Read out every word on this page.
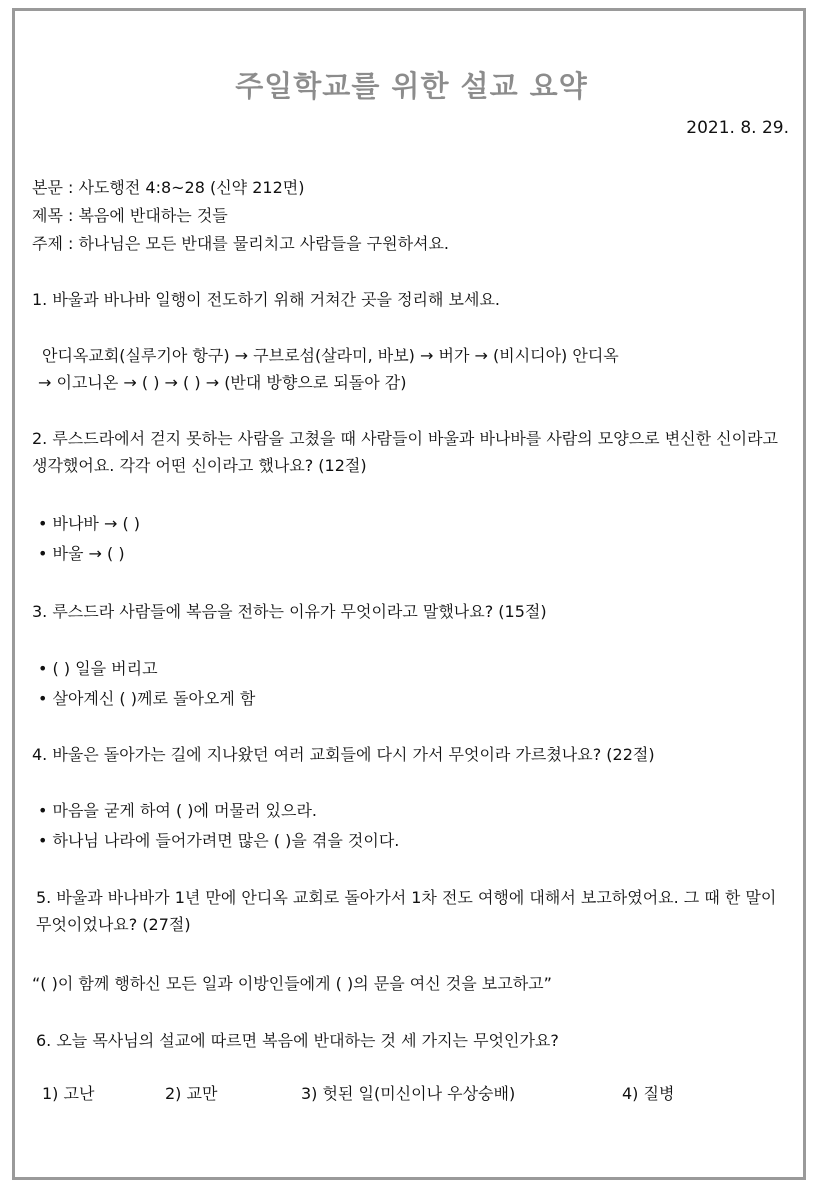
주일학교를 위한 설교 요약
2021. 8. 29.
본문 : 사도행전 4:8~28 (신약 212면)
제목 : 복음에 반대하는 것들
주제 : 하나님은 모든 반대를 물리치고 사람들을 구원하셔요.
1. 바울과 바나바 일행이 전도하기 위해 거쳐간 곳을 정리해 보세요.
안디옥교회(실루기아 항구) → 구브로섬(살라미, 바보) → 버가 → (비시디아) 안디옥
→ 이고니온 → ( ) → ( ) → (반대 방향으로 되돌아 감)
2. 루스드라에서 걷지 못하는 사람을 고쳤을 때 사람들이 바울과 바나바를 사람의 모양으로 변신한 신이라고 생각했어요. 각각 어떤 신이라고 했나요? (12절)
• 바나바 → ( )
• 바울 → ( )
3. 루스드라 사람들에 복음을 전하는 이유가 무엇이라고 말했나요? (15절)
• ( ) 일을 버리고
• 살아계신 ( )께로 돌아오게 함
4. 바울은 돌아가는 길에 지나왔던 여러 교회들에 다시 가서 무엇이라 가르쳤나요? (22절)
• 마음을 굳게 하여 ( )에 머물러 있으라.
• 하나님 나라에 들어가려면 많은 ( )을 겪을 것이다.
5. 바울과 바나바가 1년 만에 안디옥 교회로 돌아가서 1차 전도 여행에 대해서 보고하였어요. 그 때 한 말이 무엇이었나요? (27절)
“( )이 함께 행하신 모든 일과 이방인들에게 ( )의 문을 여신 것을 보고하고”
6. 오늘 목사님의 설교에 따르면 복음에 반대하는 것 세 가지는 무엇인가요?
1) 고난	2) 교만	3) 헛된 일(미신이나 우상숭배)	4) 질병
